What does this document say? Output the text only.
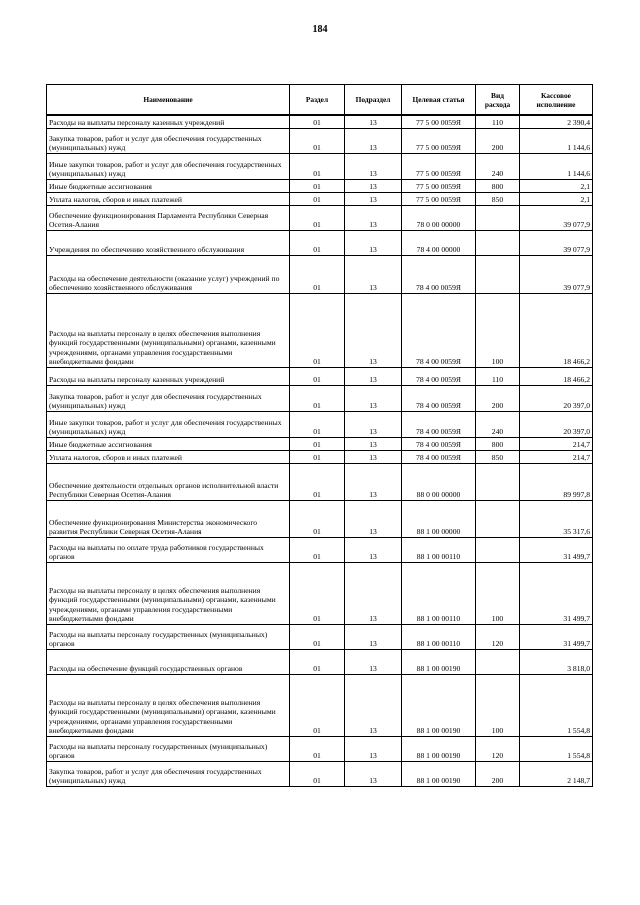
184
Наименование	Раздел	Подраздел	Целевая статья	Вид расхода	Кассовое исполнение
Расходы на выплаты персоналу казенных учреждений	01	13	77 5 00 0059Я	110	2 390,4
Закупка товаров, работ и услуг для обеспечения государственных (муниципальных) нужд	01	13	77 5 00 0059Я	200	1 144,6
Иные закупки товаров, работ и услуг для обеспечения государственных (муниципальных) нужд	01	13	77 5 00 0059Я	240	1 144,6
Иные бюджетные ассигнования	01	13	77 5 00 0059Я	800	2,1
Уплата налогов, сборов и иных платежей	01	13	77 5 00 0059Я	850	2,1
Обеспечение функционирования Парламента Республики Северная Осетия-Алания	01	13	78 0 00 00000		39 077,9
Учреждения по обеспечению хозяйственного обслуживания	01	13	78 4 00 00000		39 077,9
Расходы на обеспечение деятельности (оказание услуг) учреждений по обеспечению хозяйственного обслуживания	01	13	78 4 00 0059Я		39 077,9
Расходы на выплаты персоналу в целях обеспечения выполнения функций государственными (муниципальными) органами, казенными учреждениями, органами управления государственными внебюджетными фондами	01	13	78 4 00 0059Я	100	18 466,2
Расходы на выплаты персоналу казенных учреждений	01	13	78 4 00 0059Я	110	18 466,2
Закупка товаров, работ и услуг для обеспечения государственных (муниципальных) нужд	01	13	78 4 00 0059Я	200	20 397,0
Иные закупки товаров, работ и услуг для обеспечения государственных (муниципальных) нужд	01	13	78 4 00 0059Я	240	20 397,0
Иные бюджетные ассигнования	01	13	78 4 00 0059Я	800	214,7
Уплата налогов, сборов и иных платежей	01	13	78 4 00 0059Я	850	214,7
Обеспечение деятельности отдельных органов исполнительной власти Республики Северная Осетия-Алания	01	13	88 0 00 00000		89 997,8
Обеспечение функционирования Министерства экономического развития Республики Северная Осетия-Алания	01	13	88 1 00 00000		35 317,6
Расходы на выплаты по оплате труда работников государственных органов	01	13	88 1 00 00110		31 499,7
Расходы на выплаты персоналу в целях обеспечения выполнения функций государственными (муниципальными) органами, казенными учреждениями, органами управления государственными внебюджетными фондами	01	13	88 1 00 00110	100	31 499,7
Расходы на выплаты персоналу государственных (муниципальных) органов	01	13	88 1 00 00110	120	31 499,7
Расходы на обеспечение функций государственных органов	01	13	88 1 00 00190		3 818,0
Расходы на выплаты персоналу в целях обеспечения выполнения функций государственными (муниципальными) органами, казенными учреждениями, органами управления государственными внебюджетными фондами	01	13	88 1 00 00190	100	1 554,8
Расходы на выплаты персоналу государственных (муниципальных) органов	01	13	88 1 00 00190	120	1 554,8
Закупка товаров, работ и услуг для обеспечения государственных (муниципальных) нужд	01	13	88 1 00 00190	200	2 148,7
